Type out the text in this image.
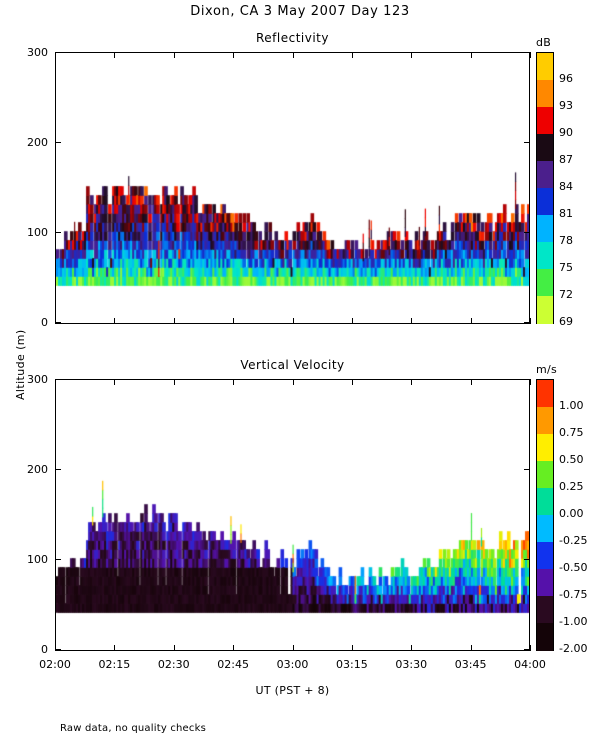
Dixon, CA 3 May 2007 Day 123
Reflectivity
300
200
100
0
dB
96
93
90
87
84
81
78
75
72
69
Vertical Velocity
300
200
100
0
02:00	02:15	02:30	02:45	03:00	03:15	03:30	03:45	04:00
UT (PST + 8)
Altitude (m)	m/s
1.00
0.75
0.50
0.25
0.00
-0.25
-0.50
-0.75
-1.00
-2.00
Raw data, no quality checks
